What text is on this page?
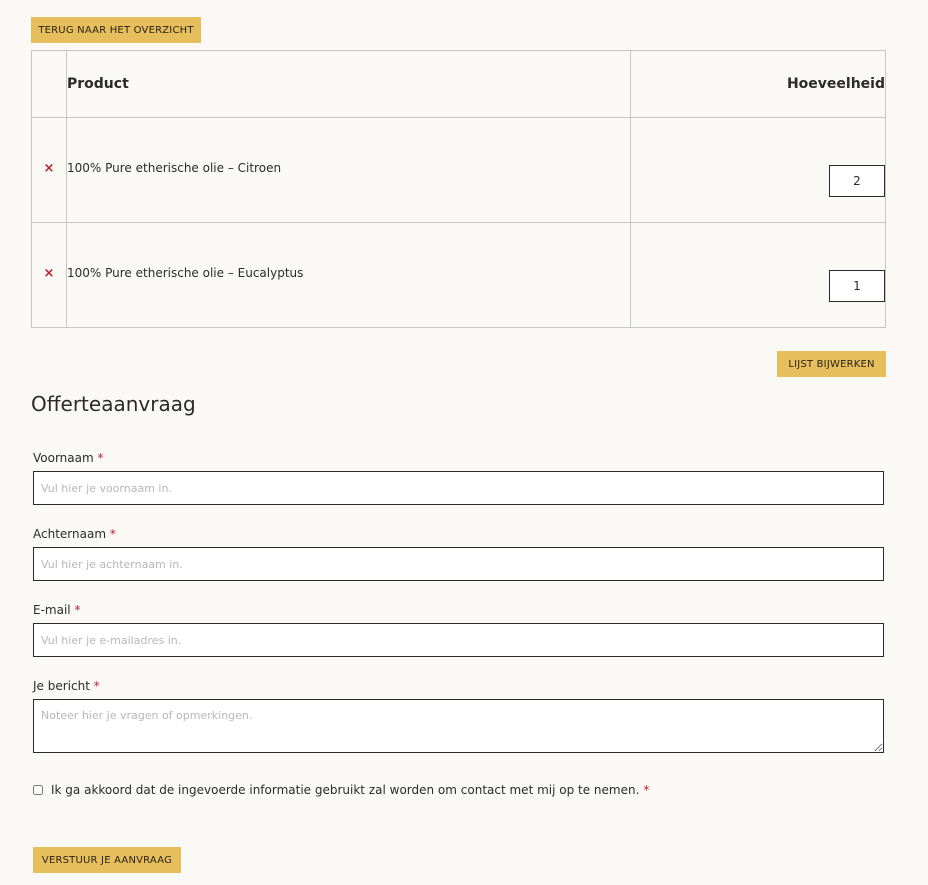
TERUG NAAR HET OVERZICHT
	Product	Hoeveelheid
×	100% Pure etherische olie – Citroen	2
×	100% Pure etherische olie – Eucalyptus	1
LIJST BIJWERKEN
Offerteaanvraag
Voornaam *
Vul hier je voornaam in.
Achternaam *
Vul hier je achternaam in.
E-mail *
Vul hier je e-mailadres in.
Je bericht *
Noteer hier je vragen of opmerkingen.
Ik ga akkoord dat de ingevoerde informatie gebruikt zal worden om contact met mij op te nemen. *
VERSTUUR JE AANVRAAG
